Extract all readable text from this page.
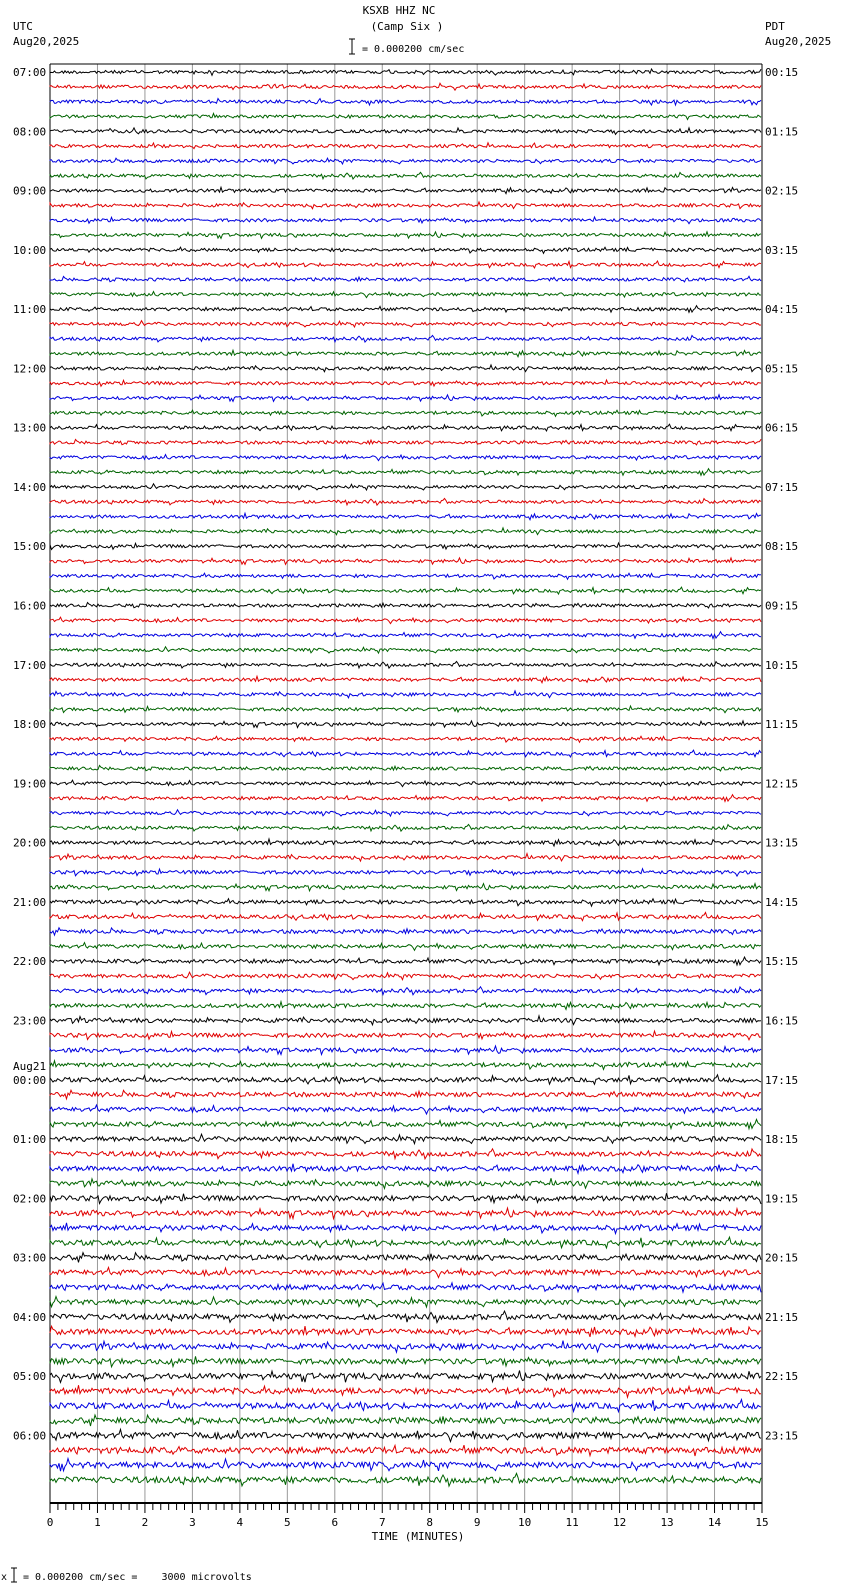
KSXB HHZ NC
(Camp Six )
UTC
Aug20,2025
PDT
Aug20,2025
= 0.000200 cm/sec
07:00
08:00
09:00
10:00
11:00
12:00
13:00
14:00
15:00
16:00
17:00
18:00
19:00
20:00
21:00
22:00
23:00
00:00
Aug21
01:00
02:00
03:00
04:00
05:00
06:00
00:15
01:15
02:15
03:15
04:15
05:15
06:15
07:15
08:15
09:15
10:15
11:15
12:15
13:15
14:15
15:15
16:15
17:15
18:15
19:15
20:15
21:15
22:15
23:15
0	1	2	3	4	5	6	7	8	9	10	11	12	13	14	15
TIME (MINUTES)
x = 0.000200 cm/sec =    3000 microvolts
